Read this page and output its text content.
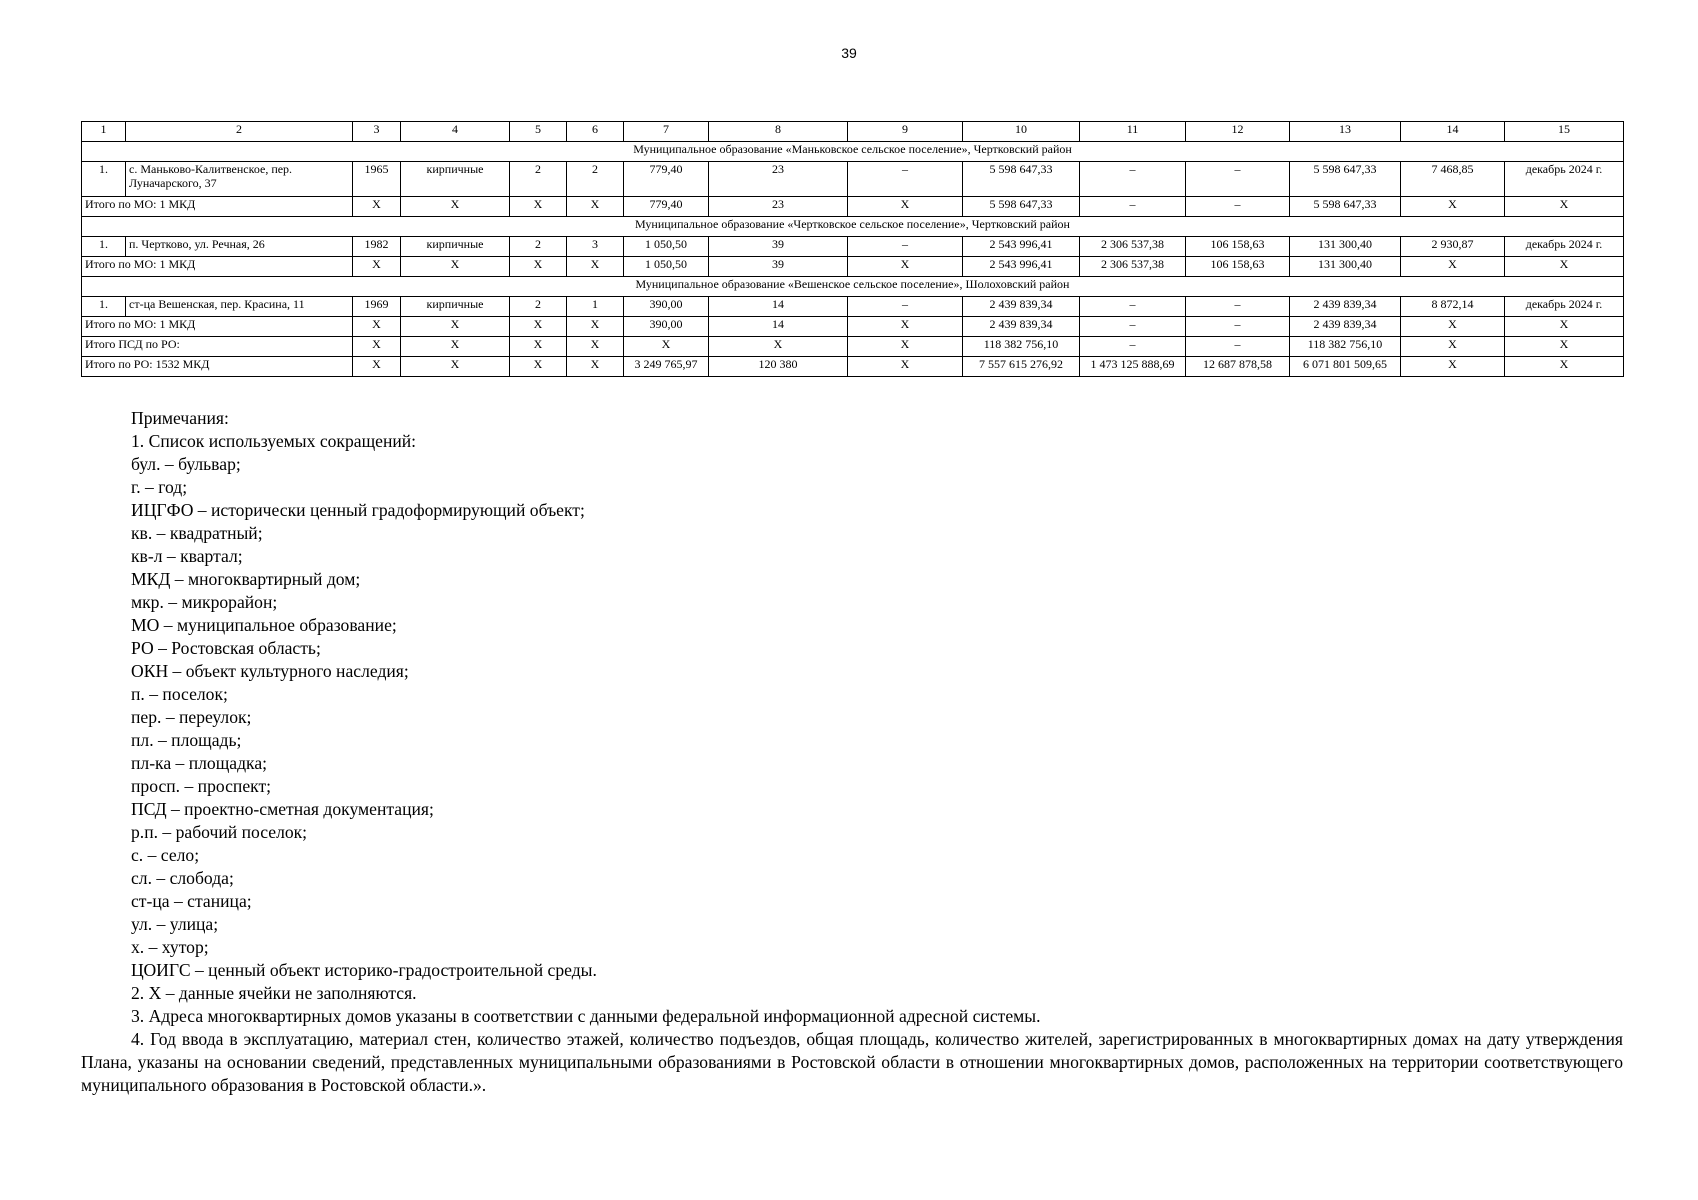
39
1	2	3	4	5	6	7	8	9	10	11	12	13	14	15
Муниципальное образование «Маньковское сельское поселение», Чертковский район														
1.	с. Маньково-Калитвенское, пер. Луначарского, 37	1965	кирпичные	2	2	779,40	23	–	5 598 647,33	–	–	5 598 647,33	7 468,85	декабрь 2024 г.
Итого по МО: 1 МКД		Х	Х	Х	Х	779,40	23	Х	5 598 647,33	–	–	5 598 647,33	Х	Х
Муниципальное образование «Чертковское сельское поселение», Чертковский район														
1.	п. Чертково, ул. Речная, 26	1982	кирпичные	2	3	1 050,50	39	–	2 543 996,41	2 306 537,38	106 158,63	131 300,40	2 930,87	декабрь 2024 г.
Итого по МО: 1 МКД		Х	Х	Х	Х	1 050,50	39	Х	2 543 996,41	2 306 537,38	106 158,63	131 300,40	Х	Х
Муниципальное образование «Вешенское сельское поселение», Шолоховский район														
1.	ст-ца Вешенская, пер. Красина, 11	1969	кирпичные	2	1	390,00	14	–	2 439 839,34	–	–	2 439 839,34	8 872,14	декабрь 2024 г.
Итого по МО: 1 МКД		Х	Х	Х	Х	390,00	14	Х	2 439 839,34	–	–	2 439 839,34	Х	Х
Итого ПСД по РО:		Х	Х	Х	Х	Х	Х	Х	118 382 756,10	–	–	118 382 756,10	Х	Х
Итого по РО: 1532 МКД		Х	Х	Х	Х	3 249 765,97	120 380	Х	7 557 615 276,92	1 473 125 888,69	12 687 878,58	6 071 801 509,65	Х	Х

Примечания:

1. Список используемых сокращений:

бул. – бульвар;

г. – год;

ИЦГФО – исторически ценный градоформирующий объект;

кв. – квадратный;

кв-л – квартал;

МКД – многоквартирный дом;

мкр. – микрорайон;

МО – муниципальное образование;

РО – Ростовская область;

ОКН – объект культурного наследия;

п. – поселок;

пер. – переулок;

пл. – площадь;

пл-ка – площадка;

просп. – проспект;

ПСД – проектно-сметная документация;

р.п. – рабочий поселок;

с. – село;

сл. – слобода;

ст-ца – станица;

ул. – улица;

х. – хутор;

ЦОИГС – ценный объект историко-градостроительной среды.

2. Х – данные ячейки не заполняются.

3. Адреса многоквартирных домов указаны в соответствии с данными федеральной информационной адресной системы.

4. Год ввода в эксплуатацию, материал стен, количество этажей, количество подъездов, общая площадь, количество жителей, зарегистрированных в многоквартирных домах на дату утверждения Плана, указаны на основании сведений, представленных муниципальными образованиями в Ростовской области в отношении многоквартирных домов, расположенных на территории соответствующего муниципального образования в Ростовской области.».
